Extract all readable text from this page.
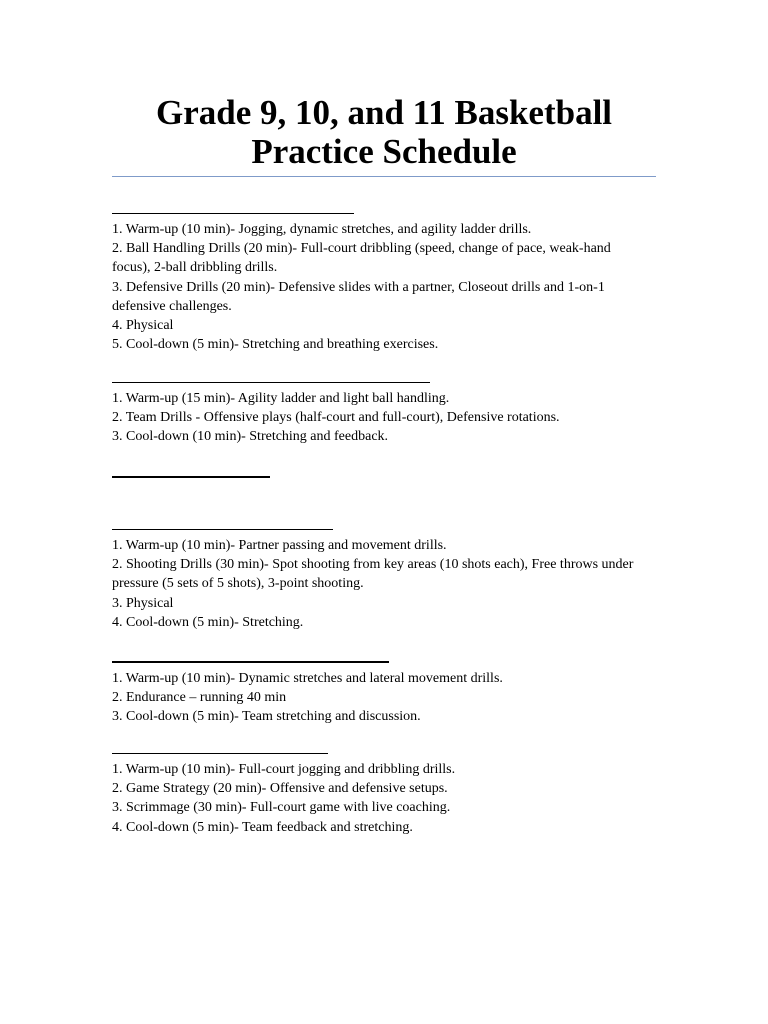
Grade 9, 10, and 11 Basketball
Practice Schedule
1. Warm-up (10 min)- Jogging, dynamic stretches, and agility ladder drills.
2. Ball Handling Drills (20 min)- Full-court dribbling (speed, change of pace, weak-hand focus), 2-ball dribbling drills.
3. Defensive Drills (20 min)- Defensive slides with a partner, Closeout drills and 1-on-1 defensive challenges.
4. Physical
5. Cool-down (5 min)- Stretching and breathing exercises.
1. Warm-up (15 min)- Agility ladder and light ball handling.
2. Team Drills - Offensive plays (half-court and full-court), Defensive rotations.
3. Cool-down (10 min)- Stretching and feedback.
1. Warm-up (10 min)- Partner passing and movement drills.
2. Shooting Drills (30 min)- Spot shooting from key areas (10 shots each), Free throws under pressure (5 sets of 5 shots), 3-point shooting.
3. Physical
4. Cool-down (5 min)- Stretching.
1. Warm-up (10 min)- Dynamic stretches and lateral movement drills.
2. Endurance – running 40 min
3. Cool-down (5 min)- Team stretching and discussion.
1. Warm-up (10 min)- Full-court jogging and dribbling drills.
2. Game Strategy (20 min)- Offensive and defensive setups.
3. Scrimmage (30 min)- Full-court game with live coaching.
4. Cool-down (5 min)- Team feedback and stretching.
